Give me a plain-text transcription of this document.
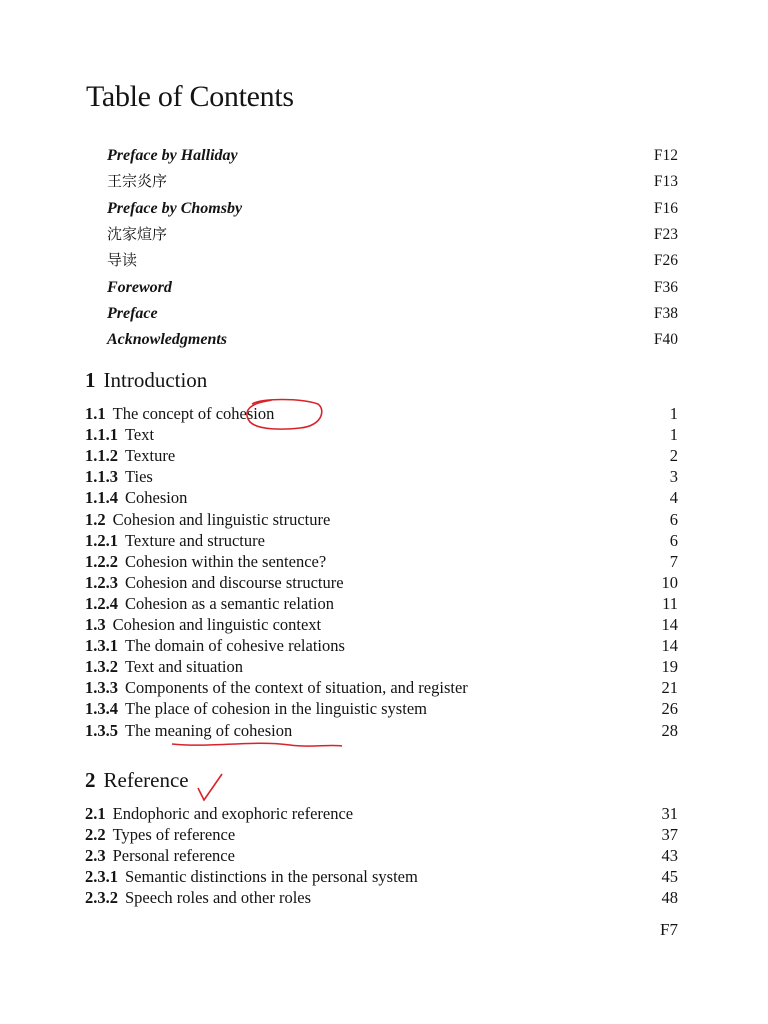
Table of Contents
Preface by Halliday	F12
王宗炎序	F13
Preface by Chomsby	F16
沈家煊序	F23
导读	F26
Foreword	F36
Preface	F38
Acknowledgments	F40
1 Introduction
1.1 The concept of cohesion	1
1.1.1 Text	1
1.1.2 Texture	2
1.1.3 Ties	3
1.1.4 Cohesion	4
1.2 Cohesion and linguistic structure	6
1.2.1 Texture and structure	6
1.2.2 Cohesion within the sentence?	7
1.2.3 Cohesion and discourse structure	10
1.2.4 Cohesion as a semantic relation	11
1.3 Cohesion and linguistic context	14
1.3.1 The domain of cohesive relations	14
1.3.2 Text and situation	19
1.3.3 Components of the context of situation, and register	21
1.3.4 The place of cohesion in the linguistic system	26
1.3.5 The meaning of cohesion	28
2 Reference
2.1 Endophoric and exophoric reference	31
2.2 Types of reference	37
2.3 Personal reference	43
2.3.1 Semantic distinctions in the personal system	45
2.3.2 Speech roles and other roles	48
F7
